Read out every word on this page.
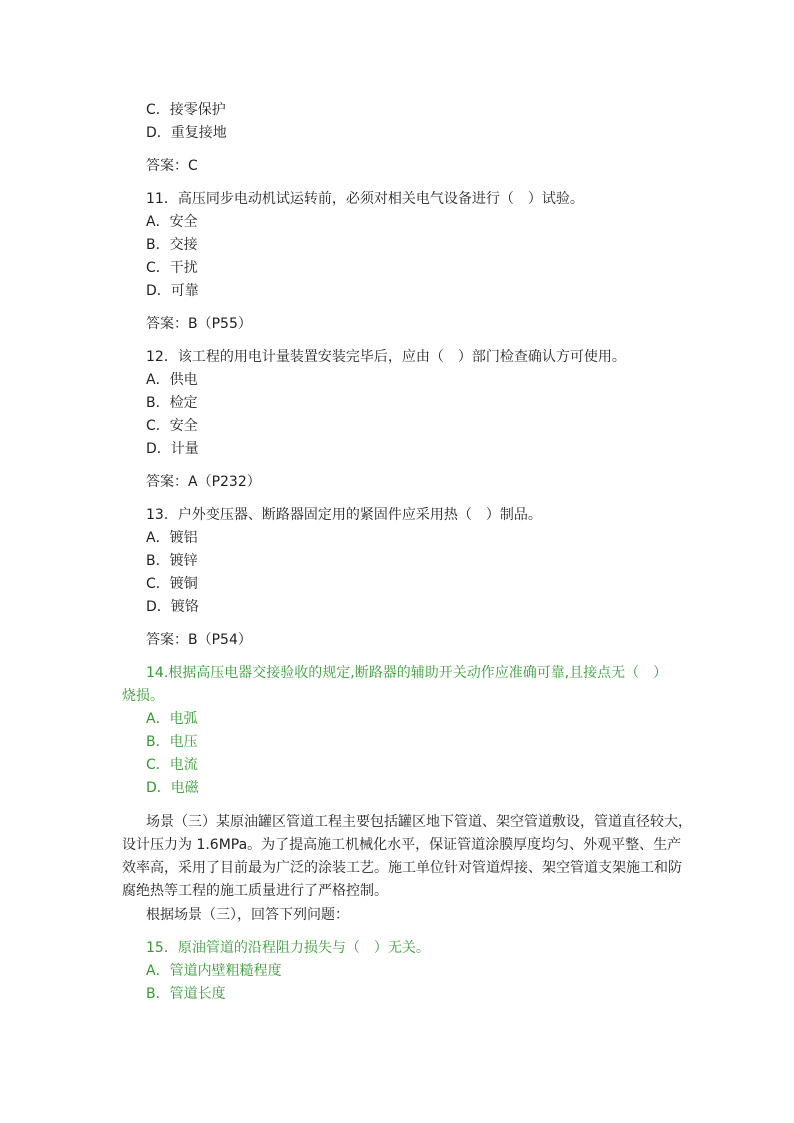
C．接零保护

D．重复接地

答案：C

11．高压同步电动机试运转前，必须对相关电气设备进行（　）试验。

A．安全

B．交接

C．干扰

D．可靠

答案：B（P55）

12．该工程的用电计量装置安装完毕后，应由（　）部门检查确认方可使用。

A．供电

B．检定

C．安全

D．计量

答案：A（P232）

13．户外变压器、断路器固定用的紧固件应采用热（　）制品。

A．镀铝

B．镀锌

C．镀铜

D．镀铬

答案：B（P54）

14.根据高压电器交接验收的规定,断路器的辅助开关动作应准确可靠,且接点无（　）

烧损。

A．电弧

B．电压

C．电流

D．电磁

场景（三）某原油罐区管道工程主要包括罐区地下管道、架空管道敷设，管道直径较大，

设计压力为 1.6MPa。为了提高施工机械化水平，保证管道涂膜厚度均匀、外观平整、生产

效率高，采用了目前最为广泛的涂装工艺。施工单位针对管道焊接、架空管道支架施工和防

腐绝热等工程的施工质量进行了严格控制。

根据场景（三），回答下列问题：

15．原油管道的沿程阻力损失与（　）无关。

A．管道内壁粗糙程度

B．管道长度
